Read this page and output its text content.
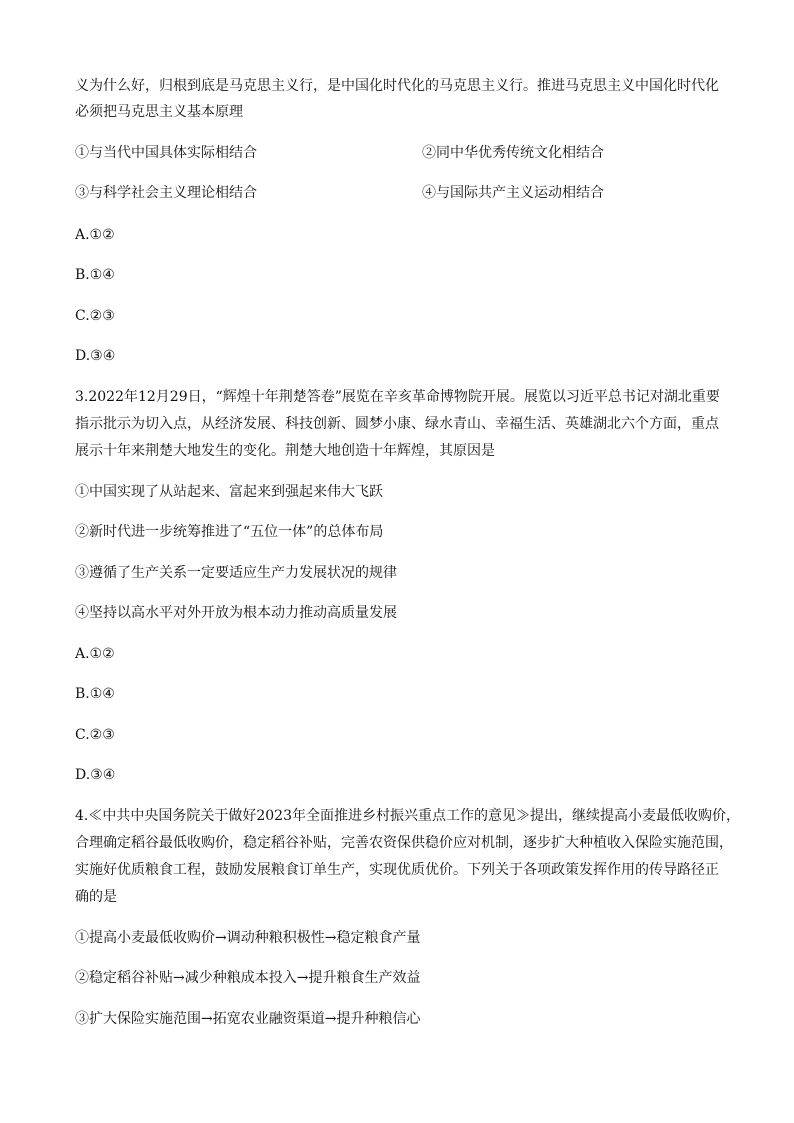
义为什么好，归根到底是马克思主义行，是中国化时代化的马克思主义行。推进马克思主义中国化时代化
必须把马克思主义基本原理
①与当代中国具体实际相结合	②同中华优秀传统文化相结合
③与科学社会主义理论相结合	④与国际共产主义运动相结合
A.①②
B.①④
C.②③
D.③④
3.2022年12月29日，“辉煌十年荆楚答卷”展览在辛亥革命博物院开展。展览以习近平总书记对湖北重要
指示批示为切入点，从经济发展、科技创新、圆梦小康、绿水青山、幸福生活、英雄湖北六个方面，重点
展示十年来荆楚大地发生的变化。荆楚大地创造十年辉煌，其原因是
①中国实现了从站起来、富起来到强起来伟大飞跃
②新时代进一步统筹推进了“五位一体”的总体布局
③遵循了生产关系一定要适应生产力发展状况的规律
④坚持以高水平对外开放为根本动力推动高质量发展
A.①②
B.①④
C.②③
D.③④
4.≪中共中央国务院关于做好2023年全面推进乡村振兴重点工作的意见≫提出，继续提高小麦最低收购价，
合理确定稻谷最低收购价，稳定稻谷补贴，完善农资保供稳价应对机制，逐步扩大种植收入保险实施范围，
实施好优质粮食工程，鼓励发展粮食订单生产，实现优质优价。下列关于各项政策发挥作用的传导路径正
确的是
①提高小麦最低收购价→调动种粮积极性→稳定粮食产量
②稳定稻谷补贴→减少种粮成本投入→提升粮食生产效益
③扩大保险实施范围→拓宽农业融资渠道→提升种粮信心
